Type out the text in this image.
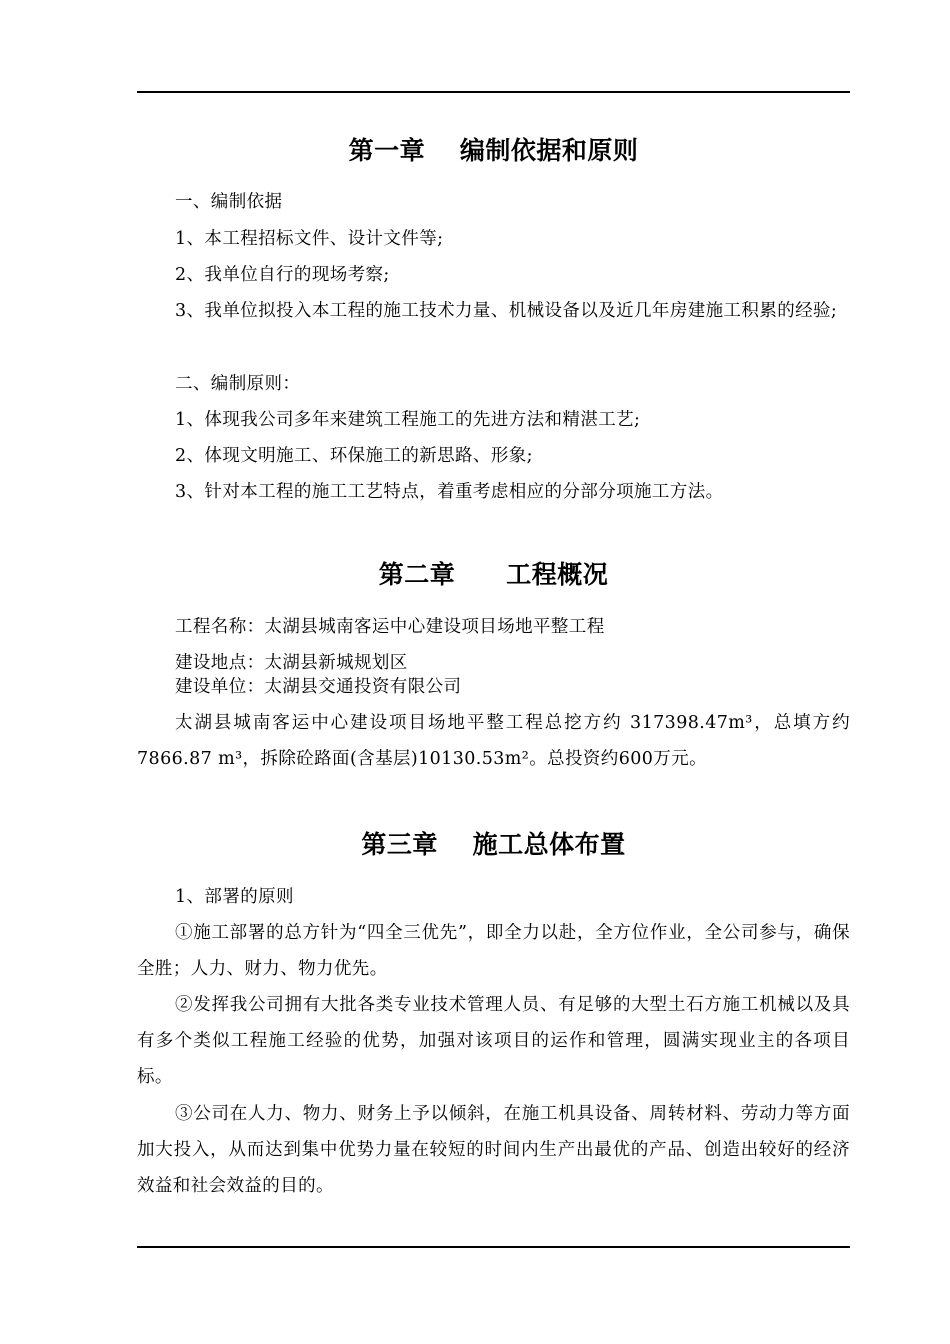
第一章　 编制依据和原则
一、编制依据
1、本工程招标文件、设计文件等;
2、我单位自行的现场考察;
3、我单位拟投入本工程的施工技术力量、机械设备以及近几年房建施工积累的经验;
二、编制原则：
1、体现我公司多年来建筑工程施工的先进方法和精湛工艺;
2、体现文明施工、环保施工的新思路、形象;
3、针对本工程的施工工艺特点，着重考虑相应的分部分项施工方法。
第二章　　工程概况
工程名称：太湖县城南客运中心建设项目场地平整工程
建设地点：太湖县新城规划区
建设单位：太湖县交通投资有限公司
太湖县城南客运中心建设项目场地平整工程总挖方约 317398.47m³，总填方约7866.87 m³，拆除砼路面(含基层)10130.53m²。总投资约600万元。
第三章　 施工总体布置
1、部署的原则
①施工部署的总方针为“四全三优先”，即全力以赴，全方位作业，全公司参与，确保全胜；人力、财力、物力优先。
②发挥我公司拥有大批各类专业技术管理人员、有足够的大型土石方施工机械以及具有多个类似工程施工经验的优势，加强对该项目的运作和管理，圆满实现业主的各项目标。
③公司在人力、物力、财务上予以倾斜，在施工机具设备、周转材料、劳动力等方面加大投入，从而达到集中优势力量在较短的时间内生产出最优的产品、创造出较好的经济效益和社会效益的目的。
